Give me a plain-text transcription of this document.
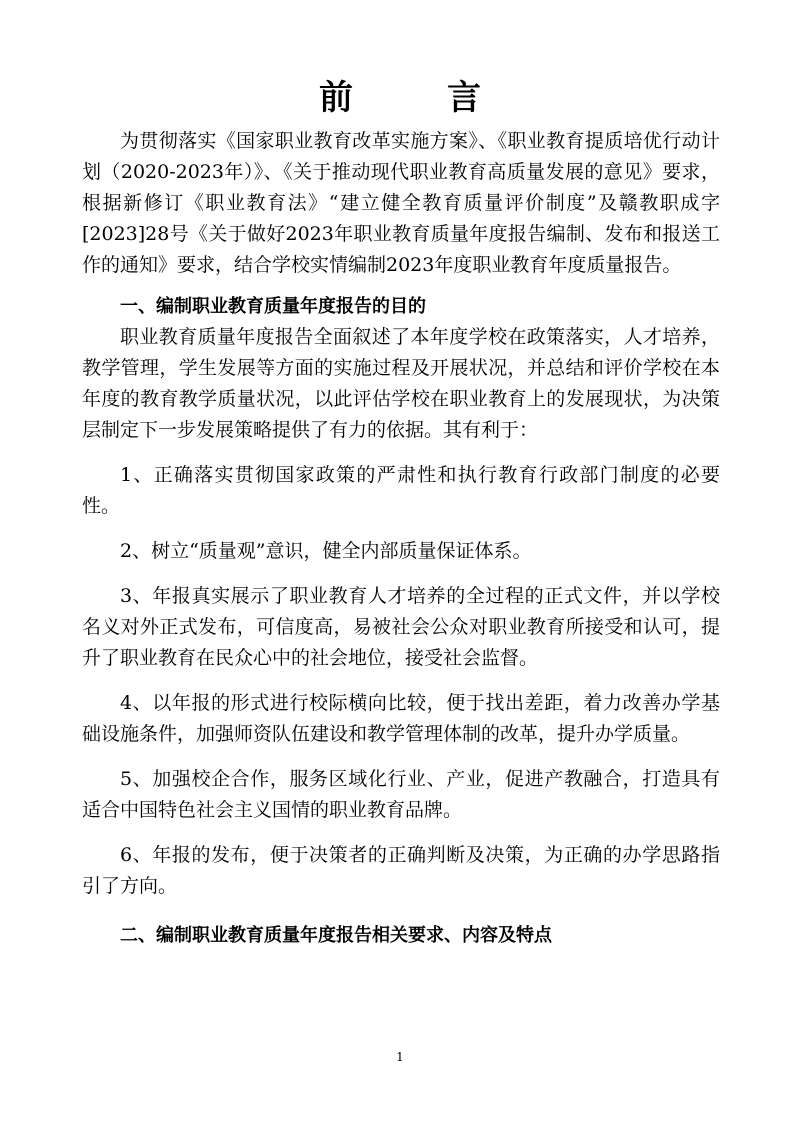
前　言

为贯彻落实《国家职业教育改革实施方案》、《职业教育提质培优行动计划（2020-2023年）》、《关于推动现代职业教育高质量发展的意见》要求，根据新修订《职业教育法》“建立健全教育质量评价制度”及赣教职成字[2023]28号《关于做好2023年职业教育质量年度报告编制、发布和报送工作的通知》要求，结合学校实情编制2023年度职业教育年度质量报告。

一、编制职业教育质量年度报告的目的

职业教育质量年度报告全面叙述了本年度学校在政策落实，人才培养，教学管理，学生发展等方面的实施过程及开展状况，并总结和评价学校在本年度的教育教学质量状况，以此评估学校在职业教育上的发展现状，为决策层制定下一步发展策略提供了有力的依据。其有利于：

1、正确落实贯彻国家政策的严肃性和执行教育行政部门制度的必要性。

2、树立“质量观”意识，健全内部质量保证体系。

3、年报真实展示了职业教育人才培养的全过程的正式文件，并以学校名义对外正式发布，可信度高，易被社会公众对职业教育所接受和认可，提升了职业教育在民众心中的社会地位，接受社会监督。

4、以年报的形式进行校际横向比较，便于找出差距，着力改善办学基础设施条件，加强师资队伍建设和教学管理体制的改革，提升办学质量。

5、加强校企合作，服务区域化行业、产业，促进产教融合，打造具有适合中国特色社会主义国情的职业教育品牌。

6、年报的发布，便于决策者的正确判断及决策，为正确的办学思路指引了方向。

二、编制职业教育质量年度报告相关要求、内容及特点
1
